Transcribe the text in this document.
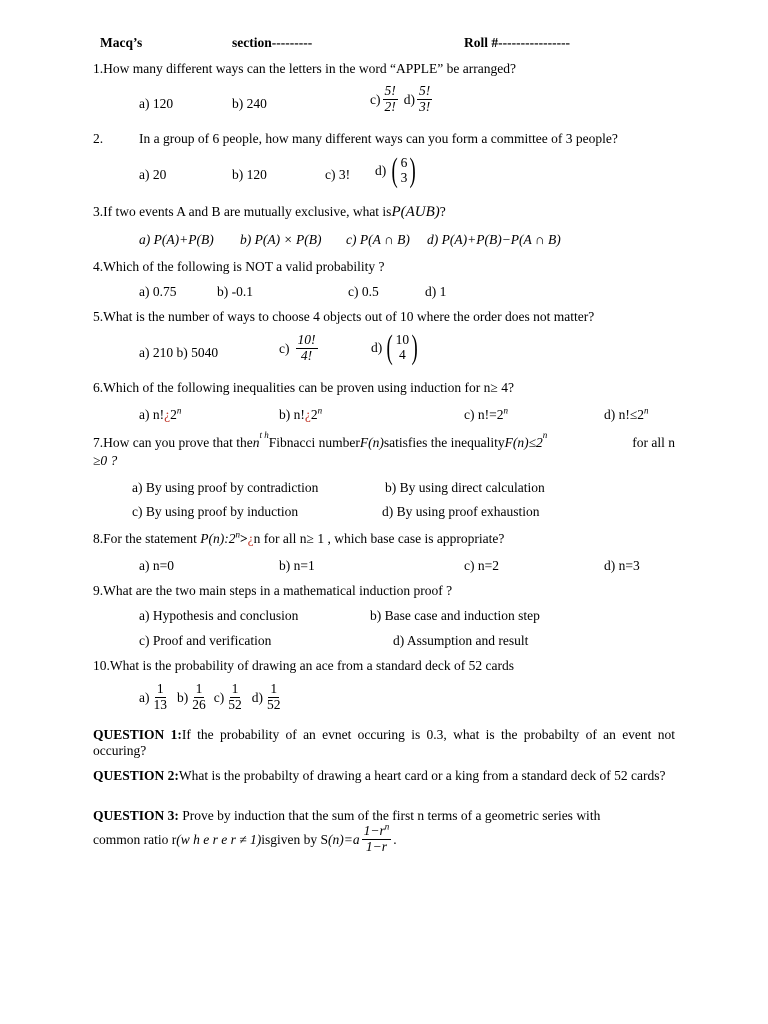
Macq’s	section---------	Roll #----------------
1.How many different ways can the letters in the word “APPLE” be arranged?
a) 120	b) 240	$c) \frac{5!}{2!} d) \frac{5!}{3!}$
2.	In a group of 6 people, how many different ways can you form a committee of 3 people?
a) 20	b) 120	c) 3! d) ( 6
3 )
3.If two events A and B are mutually exclusive, what isP(AUB)?
a) P(A)+P(B) b) P(A) × P(B) c) P(A ∩ B) d) P(A)+P(B)−P(A ∩ B)
4.Which of the following is NOT a valid probability ?
a) 0.75	b) -0.1	c) 0.5	d) 1
5.What is the number of ways to choose 4 objects out of 10 where the order does not matter?
a) 210 b) 5040	$c) \frac{10!}{4!}$	d) ( 10
4 )
6.Which of the following inequalities can be proven using induction for n≥ 4?
a) n!¿2$^n$	b) n!¿2$^n$	c) $n!=2^n$	d) $n!\le 2^n$
7.How can you prove that the n t h Fibnacci number F(n) satisfies the inequality F(n)≤2 n	for all n
≥0 ?
a) By using proof by contradiction	b) By using direct calculation
c) By using proof by induction	d) By using proof exhaustion
8.For the statement $P(n):2^n>¿n$ for all n≥ 1 , which base case is appropriate?
a) n=0	b) n=1	c) n=2	d) n=3
9.What are the two main steps in a mathematical induction proof ?
a) Hypothesis and conclusion	b) Base case and induction step
c) Proof and verification	d) Assumption and result
10.What is the probability of drawing an ace from a standard deck of 52 cards
$a) \frac{1}{13} b) \frac{1}{26} c) \frac{1}{52} d) \frac{1}{52}$
QUESTION 1:If the probability of an evnet occuring is 0.3, what is the probabilty of an event not occuring?
QUESTION 2:What is the probabilty of drawing a heart card or a king from a standard deck of 52 cards?
QUESTION 3: Prove by induction that the sum of the first n terms of a geometric series with
common ratio r (w h e r e r ≠ 1) isgiven by S $(n)=a \frac{1-r^n}{1-r}$ .
